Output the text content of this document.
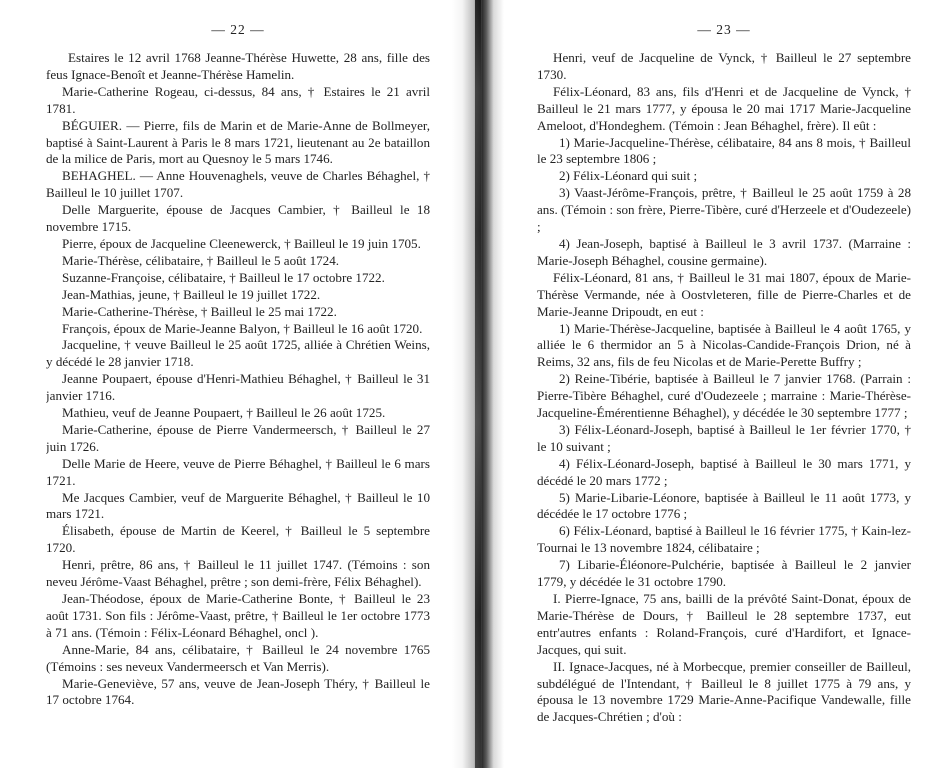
— 22 —

Estaires le 12 avril 1768 Jeanne-Thérèse Huwette, 28 ans, fille des feus Ignace-Benoît et Jeanne-Thérèse Hamelin.

Marie-Catherine Rogeau, ci-dessus, 84 ans, † Estaires le 21 avril 1781.

BÉGUIER. — Pierre, fils de Marin et de Marie-Anne de Bollmeyer, baptisé à Saint-Laurent à Paris le 8 mars 1721, lieutenant au 2e bataillon de la milice de Paris, mort au Quesnoy le 5 mars 1746.

BEHAGHEL. — Anne Houvenaghels, veuve de Charles Béhaghel, † Bailleul le 10 juillet 1707.

Delle Marguerite, épouse de Jacques Cambier, † Bailleul le 18 novembre 1715.

Pierre, époux de Jacqueline Cleenewerck, † Bailleul le 19 juin 1705.

Marie-Thérèse, célibataire, † Bailleul le 5 août 1724.

Suzanne-Françoise, célibataire, † Bailleul le 17 octobre 1722.

Jean-Mathias, jeune, † Bailleul le 19 juillet 1722.

Marie-Catherine-Thérèse, † Bailleul le 25 mai 1722.

François, époux de Marie-Jeanne Balyon, † Bailleul le 16 août 1720.

Jacqueline, † veuve Bailleul le 25 août 1725, alliée à Chrétien Weins, y décédé le 28 janvier 1718.

Jeanne Poupaert, épouse d'Henri-Mathieu Béhaghel, † Bailleul le 31 janvier 1716.

Mathieu, veuf de Jeanne Poupaert, † Bailleul le 26 août 1725.

Marie-Catherine, épouse de Pierre Vandermeersch, † Bailleul le 27 juin 1726.

Delle Marie de Heere, veuve de Pierre Béhaghel, † Bailleul le 6 mars 1721.

Me Jacques Cambier, veuf de Marguerite Béhaghel, † Bailleul le 10 mars 1721.

Élisabeth, épouse de Martin de Keerel, † Bailleul le 5 septembre 1720.

Henri, prêtre, 86 ans, † Bailleul le 11 juillet 1747. (Témoins : son neveu Jérôme-Vaast Béhaghel, prêtre ; son demi-frère, Félix Béhaghel).

Jean-Théodose, époux de Marie-Catherine Bonte, † Bailleul le 23 août 1731. Son fils : Jérôme-Vaast, prêtre, † Bailleul le 1er octobre 1773 à 71 ans. (Témoin : Félix-Léonard Béhaghel, oncl ).

Anne-Marie, 84 ans, célibataire, † Bailleul le 24 novembre 1765 (Témoins : ses neveux Vandermeersch et Van Merris).

Marie-Geneviève, 57 ans, veuve de Jean-Joseph Théry, † Bailleul le 17 octobre 1764.

— 23 —

Henri, veuf de Jacqueline de Vynck, † Bailleul le 27 septembre 1730.

Félix-Léonard, 83 ans, fils d'Henri et de Jacqueline de Vynck, † Bailleul le 21 mars 1777, y épousa le 20 mai 1717 Marie-Jacqueline Ameloot, d'Hondeghem. (Témoin : Jean Béhaghel, frère). Il eût :

1) Marie-Jacqueline-Thérèse, célibataire, 84 ans 8 mois, † Bailleul le 23 septembre 1806 ;

2) Félix-Léonard qui suit ;

3) Vaast-Jérôme-François, prêtre, † Bailleul le 25 août 1759 à 28 ans. (Témoin : son frère, Pierre-Tibère, curé d'Herzeele et d'Oudezeele) ;

4) Jean-Joseph, baptisé à Bailleul le 3 avril 1737. (Marraine : Marie-Joseph Béhaghel, cousine germaine).

Félix-Léonard, 81 ans, † Bailleul le 31 mai 1807, époux de Marie-Thérèse Vermande, née à Oostvleteren, fille de Pierre-Charles et de Marie-Jeanne Dripoudt, en eut :

1) Marie-Thérèse-Jacqueline, baptisée à Bailleul le 4 août 1765, y alliée le 6 thermidor an 5 à Nicolas-Candide-François Drion, né à Reims, 32 ans, fils de feu Nicolas et de Marie-Perette Buffry ;

2) Reine-Tibérie, baptisée à Bailleul le 7 janvier 1768. (Parrain : Pierre-Tibère Béhaghel, curé d'Oudezeele ; marraine : Marie-Thérèse-Jacqueline-Émérentienne Béhaghel), y décédée le 30 septembre 1777 ;

3) Félix-Léonard-Joseph, baptisé à Bailleul le 1er février 1770, † le 10 suivant ;

4) Félix-Léonard-Joseph, baptisé à Bailleul le 30 mars 1771, y décédé le 20 mars 1772 ;

5) Marie-Libarie-Léonore, baptisée à Bailleul le 11 août 1773, y décédée le 17 octobre 1776 ;

6) Félix-Léonard, baptisé à Bailleul le 16 février 1775, † Kain-lez-Tournai le 13 novembre 1824, célibataire ;

7) Libarie-Éléonore-Pulchérie, baptisée à Bailleul le 2 janvier 1779, y décédée le 31 octobre 1790.

I. Pierre-Ignace, 75 ans, bailli de la prévôté Saint-Donat, époux de Marie-Thérèse de Dours, † Bailleul le 28 septembre 1737, eut entr'autres enfants : Roland-François, curé d'Hardifort, et Ignace-Jacques, qui suit.

II. Ignace-Jacques, né à Morbecque, premier conseiller de Bailleul, subdélégué de l'Intendant, † Bailleul le 8 juillet 1775 à 79 ans, y épousa le 13 novembre 1729 Marie-Anne-Pacifique Vandewalle, fille de Jacques-Chrétien ; d'où :
